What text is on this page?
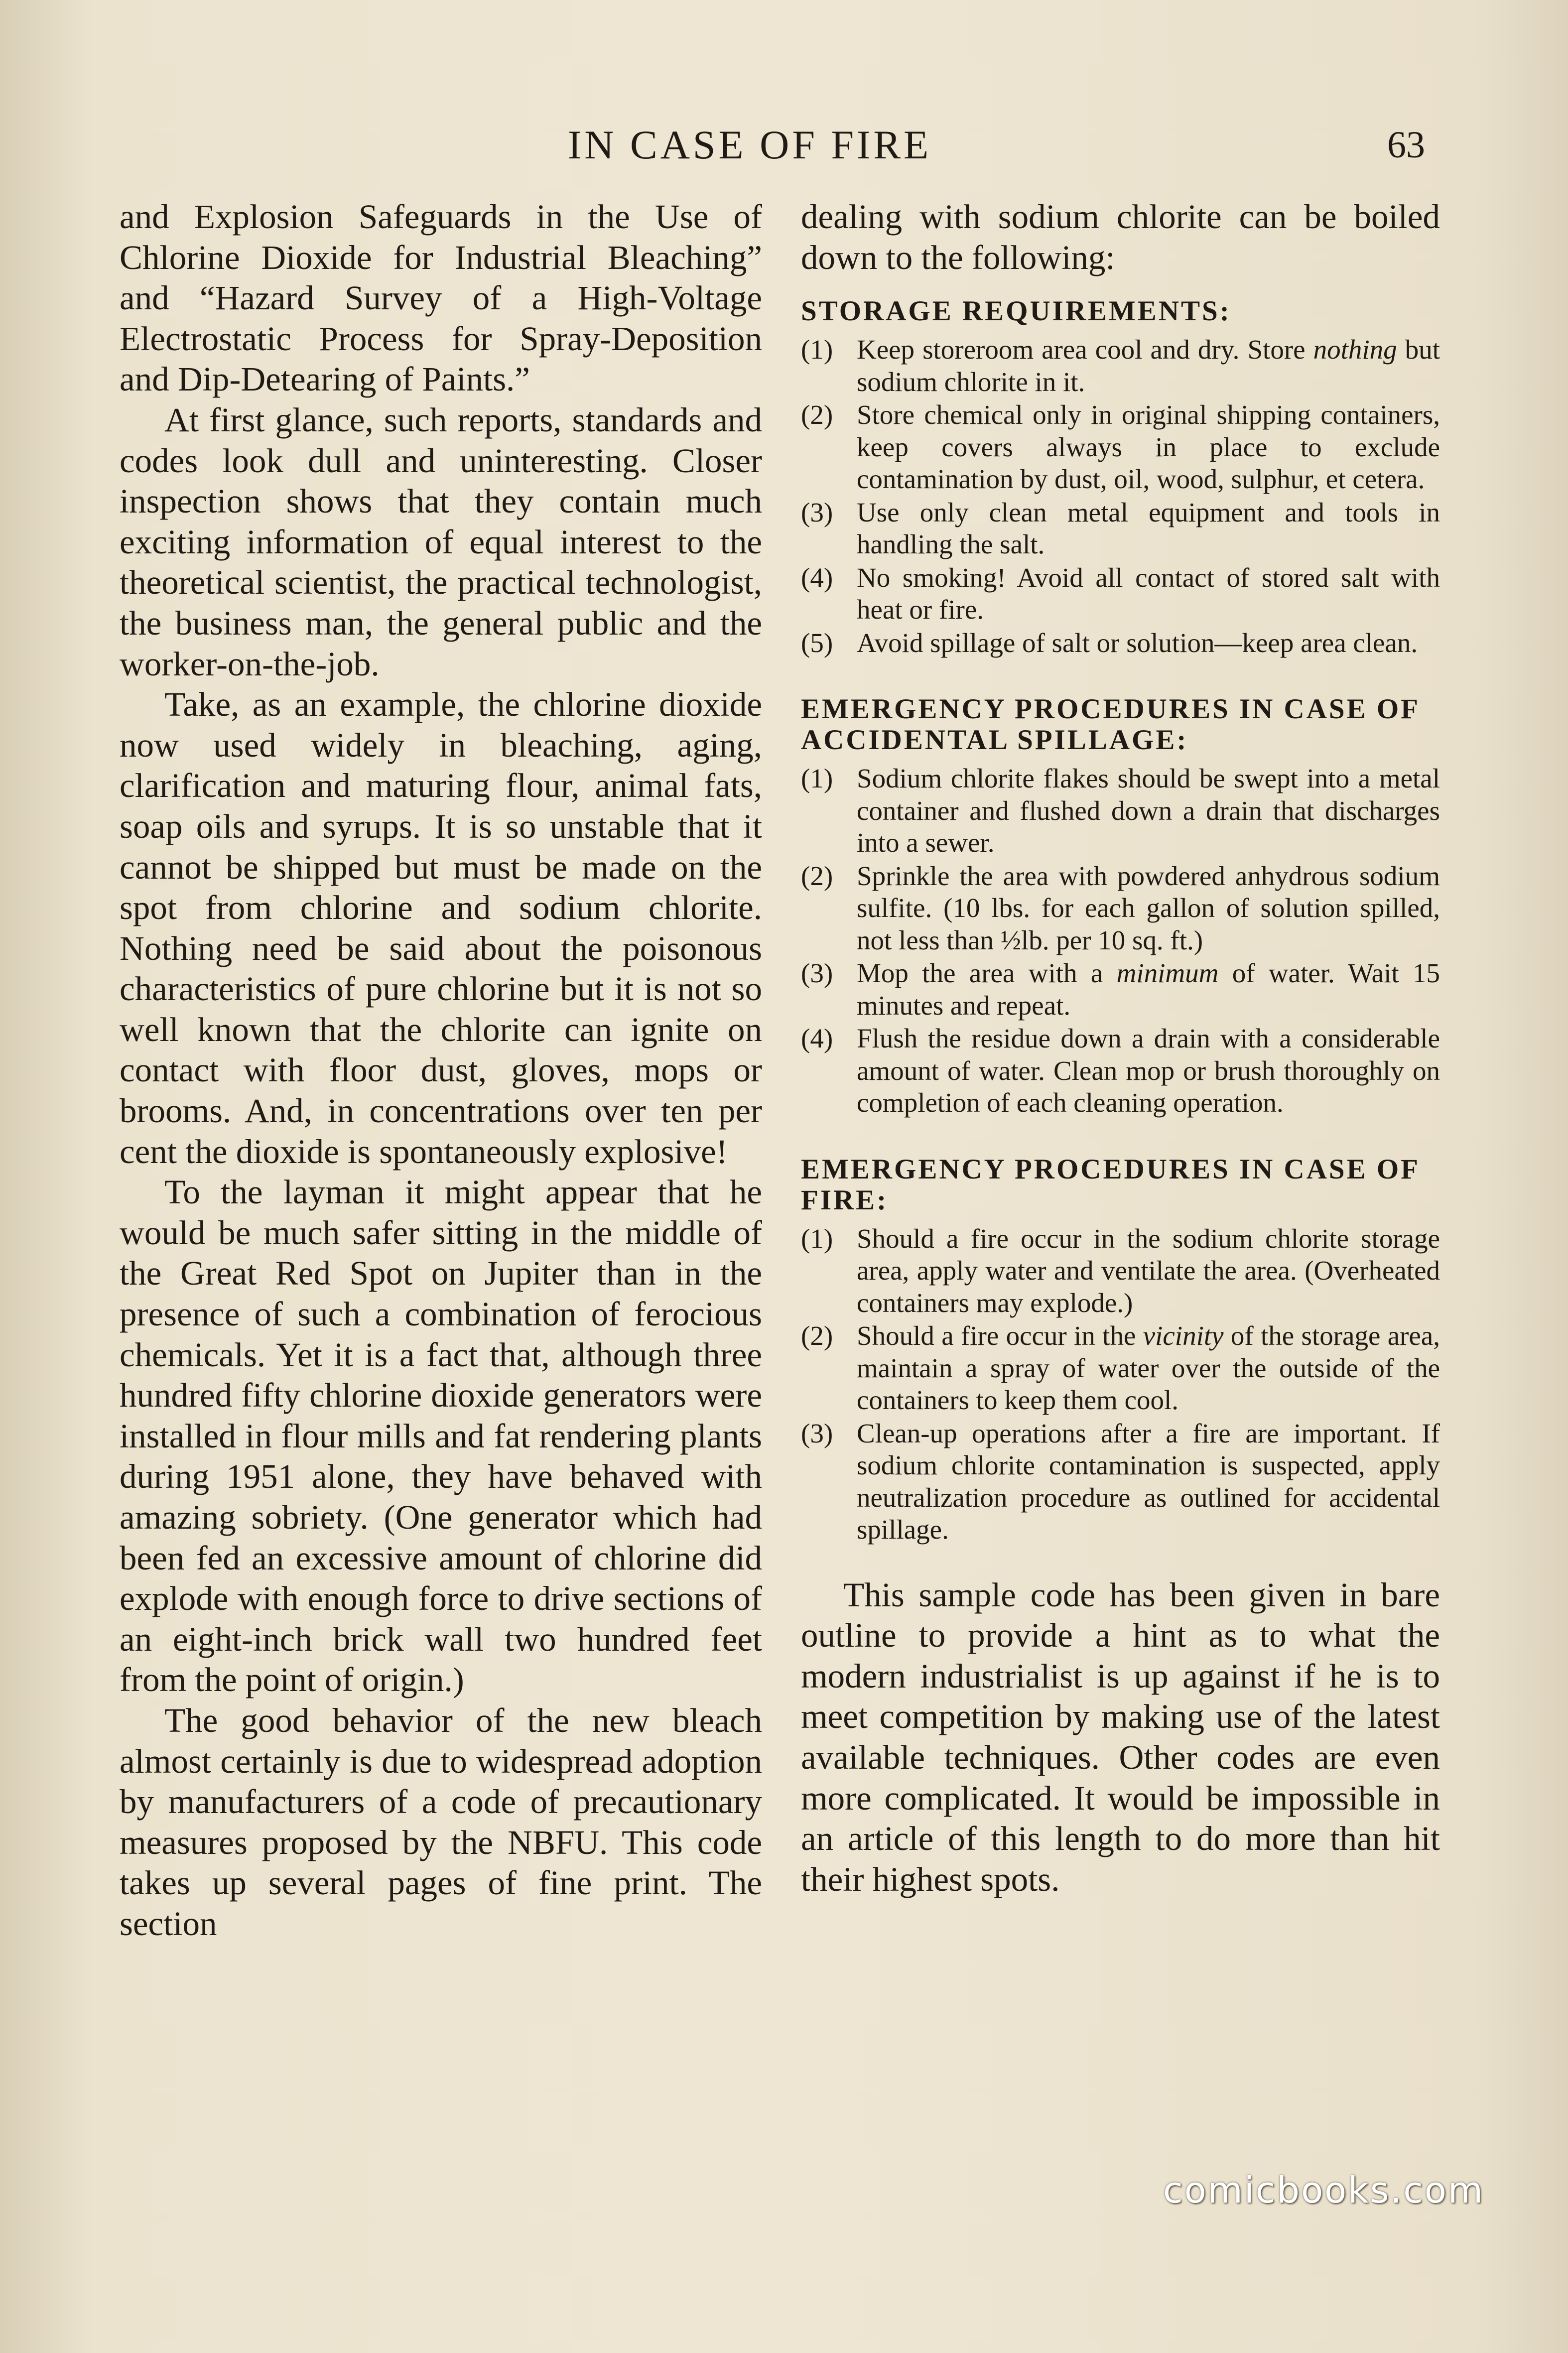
IN CASE OF FIRE	63

and Explosion Safeguards in the Use of Chlorine Dioxide for Industrial Bleaching” and “Hazard Survey of a High-Voltage Electrostatic Process for Spray-Deposition and Dip-Detearing of Paints.”

At first glance, such reports, standards and codes look dull and uninteresting. Closer inspection shows that they contain much exciting information of equal interest to the theoretical scientist, the practical technologist, the business man, the general public and the worker-on-the-job.

Take, as an example, the chlorine dioxide now used widely in bleaching, aging, clarification and maturing flour, animal fats, soap oils and syrups. It is so unstable that it cannot be shipped but must be made on the spot from chlorine and sodium chlorite. Nothing need be said about the poisonous characteristics of pure chlorine but it is not so well known that the chlorite can ignite on contact with floor dust, gloves, mops or brooms. And, in concentrations over ten per cent the dioxide is spontaneously explosive!

To the layman it might appear that he would be much safer sitting in the middle of the Great Red Spot on Jupiter than in the presence of such a combination of ferocious chemicals. Yet it is a fact that, although three hundred fifty chlorine dioxide generators were installed in flour mills and fat rendering plants during 1951 alone, they have behaved with amazing sobriety. (One generator which had been fed an excessive amount of chlorine did explode with enough force to drive sections of an eight-inch brick wall two hundred feet from the point of origin.)

The good behavior of the new bleach almost certainly is due to widespread adoption by manufacturers of a code of precautionary measures proposed by the NBFU. This code takes up several pages of fine print. The section

dealing with sodium chlorite can be boiled down to the following:

STORAGE REQUIREMENTS:
(1) Keep storeroom area cool and dry. Store nothing but sodium chlorite in it.
(2) Store chemical only in original shipping containers, keep covers always in place to exclude contamination by dust, oil, wood, sulphur, et cetera.
(3) Use only clean metal equipment and tools in handling the salt.
(4) No smoking! Avoid all contact of stored salt with heat or fire.
(5) Avoid spillage of salt or solution—keep area clean.
EMERGENCY PROCEDURES IN CASE OF ACCIDENTAL SPILLAGE:
(1) Sodium chlorite flakes should be swept into a metal container and flushed down a drain that discharges into a sewer.
(2) Sprinkle the area with powdered anhydrous sodium sulfite. (10 lbs. for each gallon of solution spilled, not less than ½lb. per 10 sq. ft.)
(3) Mop the area with a minimum of water. Wait 15 minutes and repeat.
(4) Flush the residue down a drain with a considerable amount of water. Clean mop or brush thoroughly on completion of each cleaning operation.
EMERGENCY PROCEDURES IN CASE OF FIRE:
(1) Should a fire occur in the sodium chlorite storage area, apply water and ventilate the area. (Overheated containers may explode.)
(2) Should a fire occur in the vicinity of the storage area, maintain a spray of water over the outside of the containers to keep them cool.
(3) Clean-up operations after a fire are important. If sodium chlorite contamination is suspected, apply neutralization procedure as outlined for accidental spillage.

This sample code has been given in bare outline to provide a hint as to what the modern industrialist is up against if he is to meet competition by making use of the latest available techniques. Other codes are even more complicated. It would be impossible in an article of this length to do more than hit their highest spots.

comicbooks.com
